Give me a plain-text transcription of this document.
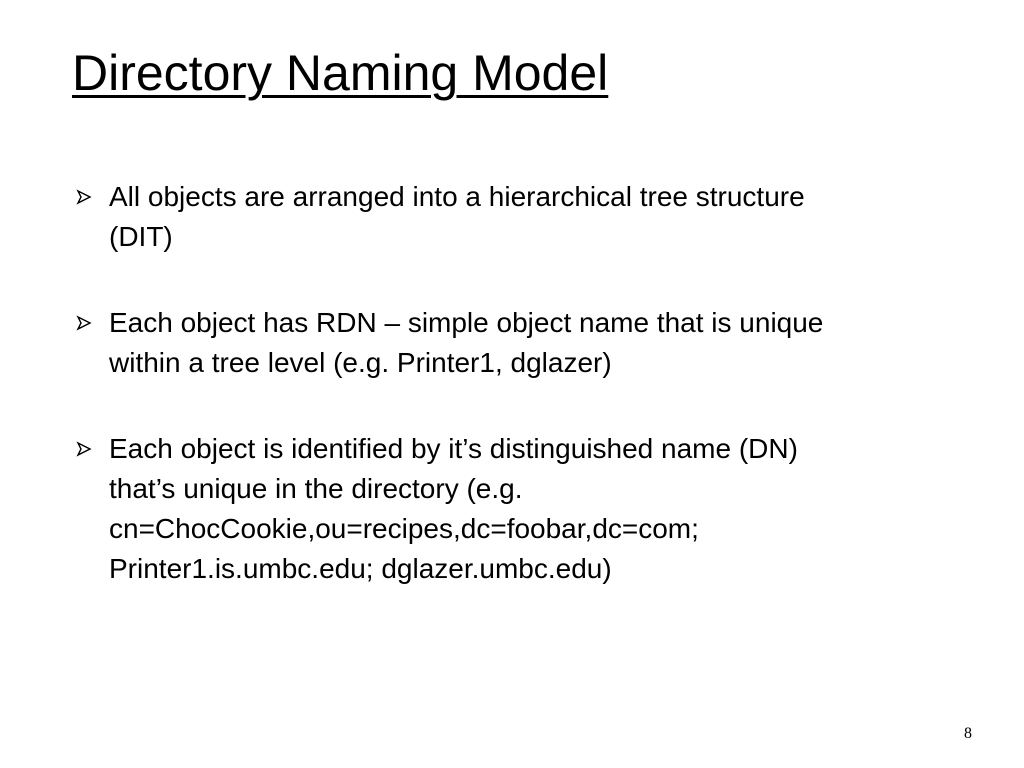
Directory Naming Model
All objects are arranged into a hierarchical tree structure (DIT)
Each object has RDN – simple object name that is unique within a tree level (e.g. Printer1, dglazer)
Each object is identified by it’s distinguished name (DN) that’s unique in the directory (e.g. cn=ChocCookie,ou=recipes,dc=foobar,dc=com; Printer1.is.umbc.edu; dglazer.umbc.edu)
8
